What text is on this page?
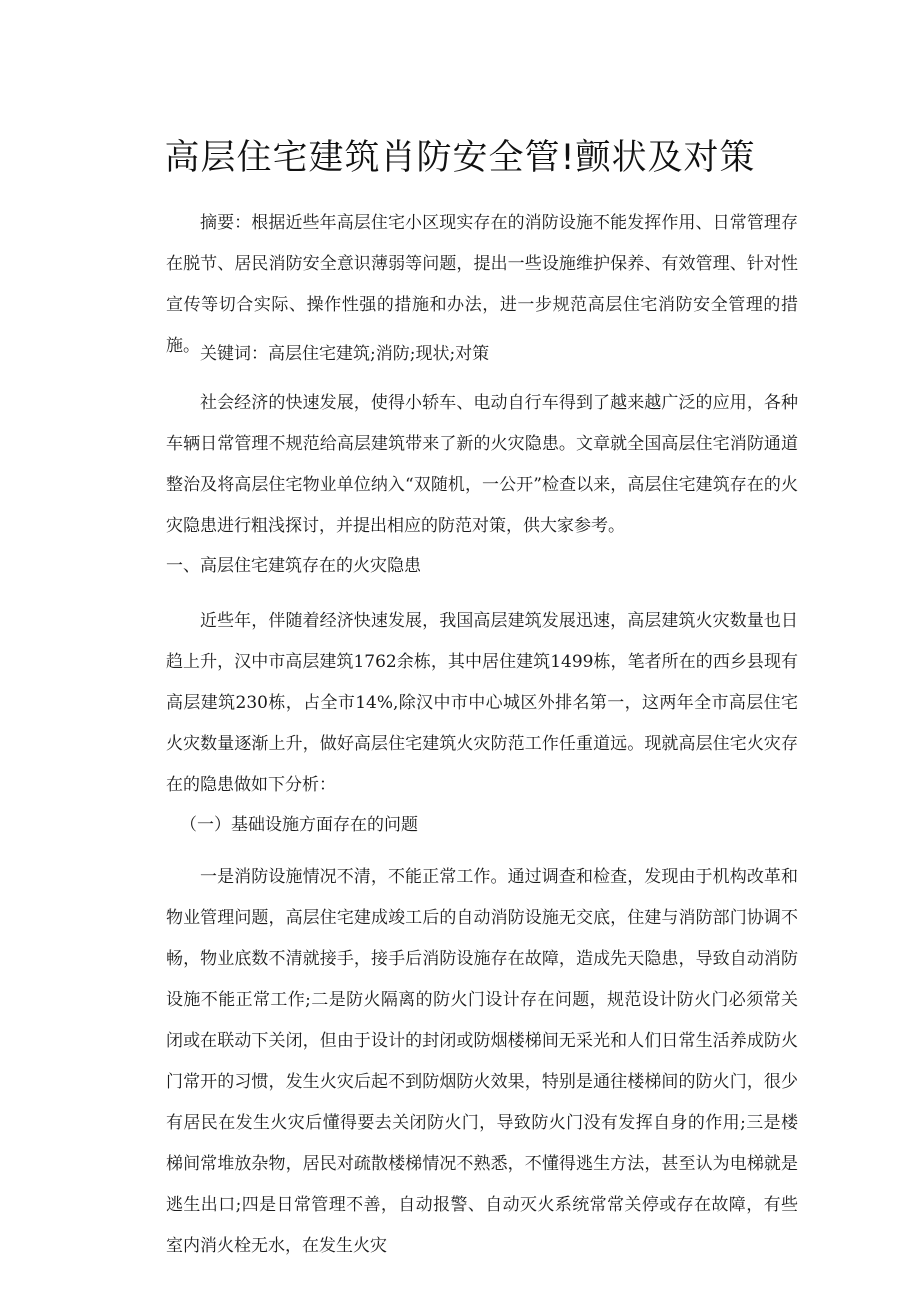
高层住宅建筑肖防安全管!颤状及对策

摘要：根据近些年高层住宅小区现实存在的消防设施不能发挥作用、日常管理存在脱节、居民消防安全意识薄弱等问题，提出一些设施维护保养、有效管理、针对性宣传等切合实际、操作性强的措施和办法，进一步规范高层住宅消防安全管理的措施。 关键词：高层住宅建筑;消防;现状;对策

社会经济的快速发展，使得小轿车、电动自行车得到了越来越广泛的应用，各种车辆日常管理不规范给高层建筑带来了新的火灾隐患。文章就全国高层住宅消防通道整治及将高层住宅物业单位纳入“双随机，一公开”检查以来，高层住宅建筑存在的火灾隐患进行粗浅探讨，并提出相应的防范对策，供大家参考。

一、高层住宅建筑存在的火灾隐患

近些年，伴随着经济快速发展，我国高层建筑发展迅速，高层建筑火灾数量也日趋上升，汉中市高层建筑1762余栋，其中居住建筑1499栋，笔者所在的西乡县现有高层建筑230栋，占全市14%,除汉中市中心城区外排名第一，这两年全市高层住宅火灾数量逐渐上升，做好高层住宅建筑火灾防范工作任重道远。现就高层住宅火灾存在的隐患做如下分析：

（一）基础设施方面存在的问题

一是消防设施情况不清，不能正常工作。通过调查和检查，发现由于机构改革和物业管理问题，高层住宅建成竣工后的自动消防设施无交底，住建与消防部门协调不畅，物业底数不清就接手，接手后消防设施存在故障，造成先天隐患，导致自动消防设施不能正常工作;二是防火隔离的防火门设计存在问题，规范设计防火门必须常关闭或在联动下关闭，但由于设计的封闭或防烟楼梯间无采光和人们日常生活养成防火门常开的习惯，发生火灾后起不到防烟防火效果，特别是通往楼梯间的防火门，很少有居民在发生火灾后懂得要去关闭防火门，导致防火门没有发挥自身的作用;三是楼梯间常堆放杂物，居民对疏散楼梯情况不熟悉，不懂得逃生方法，甚至认为电梯就是逃生出口;四是日常管理不善，自动报警、自动灭火系统常常关停或存在故障，有些室内消火栓无水，在发生火灾
